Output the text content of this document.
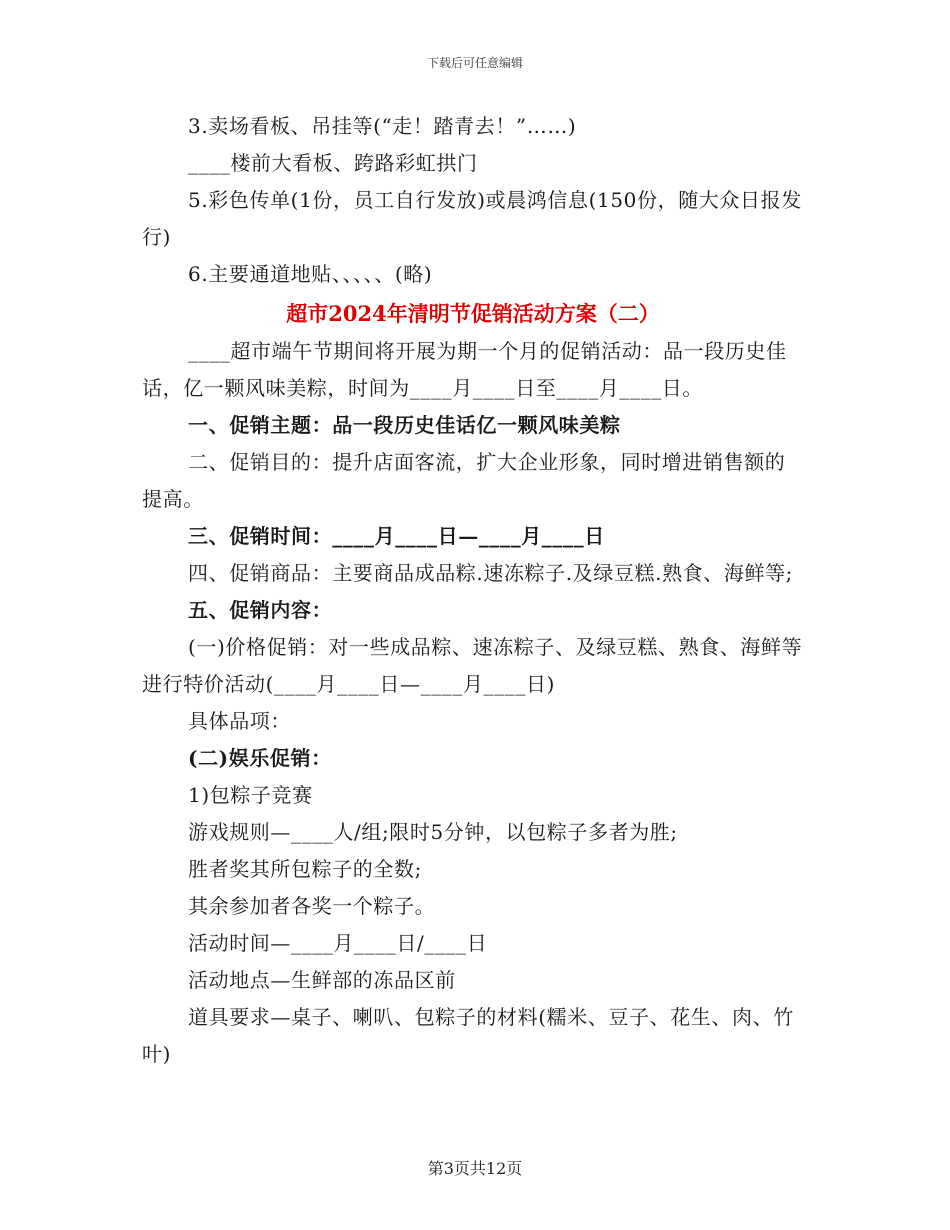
下载后可任意编辑

3.卖场看板、吊挂等(“走！踏青去！”……)

____楼前大看板、跨路彩虹拱门

5.彩色传单(1份，员工自行发放)或晨鸿信息(150份，随大众日报发行)

6.主要通道地贴、、、、、(略)

超市2024年清明节促销活动方案（二）

____超市端午节期间将开展为期一个月的促销活动：品一段历史佳话，亿一颗风味美粽，时间为____月____日至____月____日。

一、促销主题：品一段历史佳话亿一颗风味美粽

二、促销目的：提升店面客流，扩大企业形象，同时增进销售额的提高。

三、促销时间：____月____日—____月____日

四、促销商品：主要商品成品粽.速冻粽子.及绿豆糕.熟食、海鲜等;

五、促销内容：

(一)价格促销：对一些成品粽、速冻粽子、及绿豆糕、熟食、海鲜等进行特价活动(____月____日—____月____日)

具体品项：

(二)娱乐促销：

1)包粽子竞赛

游戏规则—____人/组;限时5分钟，以包粽子多者为胜;

胜者奖其所包粽子的全数;

其余参加者各奖一个粽子。

活动时间—____月____日/____日

活动地点—生鲜部的冻品区前

道具要求—桌子、喇叭、包粽子的材料(糯米、豆子、花生、肉、竹叶)

第3页共12页
